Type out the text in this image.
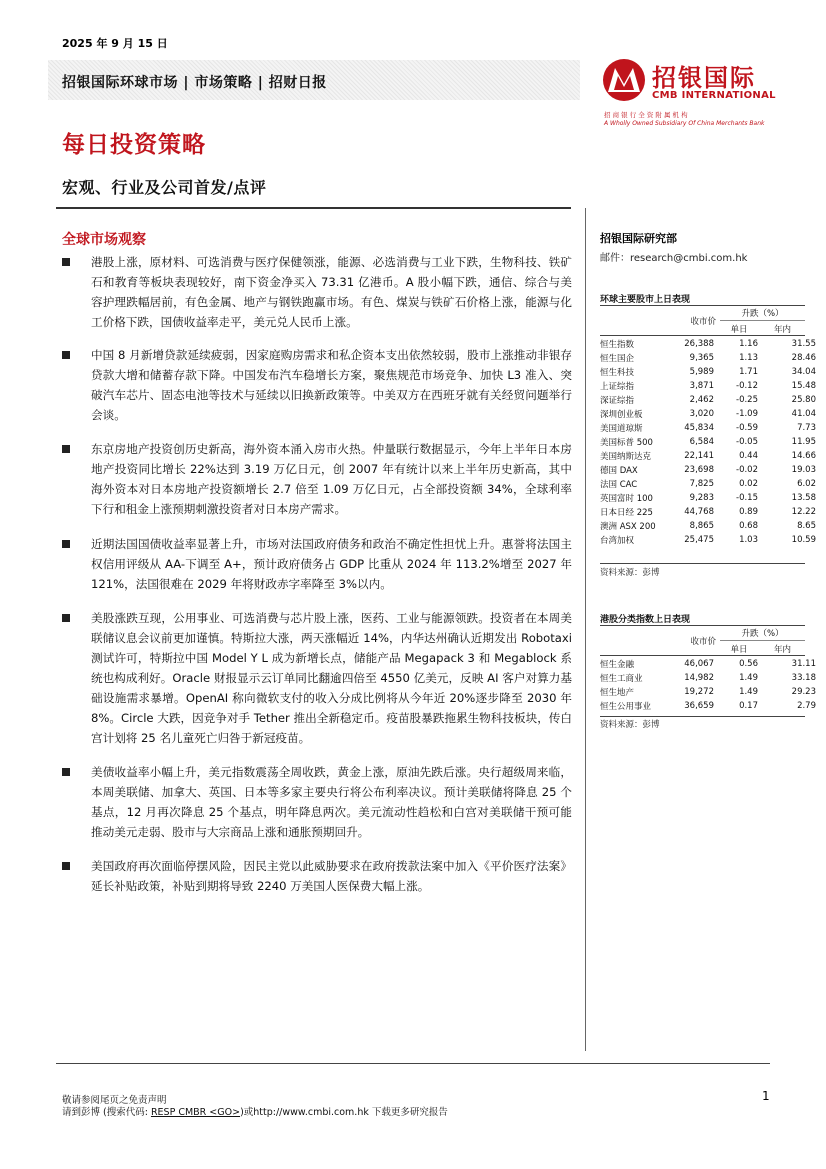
2025 年 9 月 15 日
招银国际环球市场 | 市场策略 | 招财日报	招银国际
CMB INTERNATIONAL
招 商 银 行 全 资 附 属 机 构
A Wholly Owned Subsidiary Of China Merchants Bank
每日投资策略
宏观、行业及公司首发/点评
全球市场观察
港股上涨，原材料、可选消费与医疗保健领涨，能源、必选消费与工业下跌，生物科技、铁矿石和教育等板块表现较好，南下资金净买入 73.31 亿港币。A 股小幅下跌，通信、综合与美容护理跌幅居前，有色金属、地产与钢铁跑赢市场。有色、煤炭与铁矿石价格上涨，能源与化工价格下跌，国债收益率走平，美元兑人民币上涨。
中国 8 月新增贷款延续疲弱，因家庭购房需求和私企资本支出依然较弱，股市上涨推动非银存贷款大增和储蓄存款下降。中国发布汽车稳增长方案，聚焦规范市场竞争、加快 L3 准入、突破汽车芯片、固态电池等技术与延续以旧换新政策等。中美双方在西班牙就有关经贸问题举行会谈。
东京房地产投资创历史新高，海外资本涌入房市火热。仲量联行数据显示，今年上半年日本房地产投资同比增长 22%达到 3.19 万亿日元，创 2007 年有统计以来上半年历史新高，其中海外资本对日本房地产投资额增长 2.7 倍至 1.09 万亿日元，占全部投资额 34%，全球利率下行和租金上涨预期刺激投资者对日本房产需求。
近期法国国债收益率显著上升，市场对法国政府债务和政治不确定性担忧上升。惠誉将法国主权信用评级从 AA-下调至 A+，预计政府债务占 GDP 比重从 2024 年 113.2%增至 2027 年 121%，法国很难在 2029 年将财政赤字率降至 3%以内。
美股涨跌互现，公用事业、可选消费与芯片股上涨，医药、工业与能源领跌。投资者在本周美联储议息会议前更加谨慎。特斯拉大涨，两天涨幅近 14%，内华达州确认近期发出 Robotaxi 测试许可，特斯拉中国 Model Y L 成为新增长点，储能产品 Megapack 3 和 Megablock 系统也构成利好。Oracle 财报显示云订单同比翻逾四倍至 4550 亿美元，反映 AI 客户对算力基础设施需求暴增。OpenAI 称向微软支付的收入分成比例将从今年近 20%逐步降至 2030 年 8%。Circle 大跌，因竞争对手 Tether 推出全新稳定币。疫苗股暴跌拖累生物科技板块，传白宫计划将 25 名儿童死亡归咎于新冠疫苗。
美债收益率小幅上升，美元指数震荡全周收跌，黄金上涨，原油先跌后涨。央行超级周来临，本周美联储、加拿大、英国、日本等多家主要央行将公布利率决议。预计美联储将降息 25 个基点，12 月再次降息 25 个基点，明年降息两次。美元流动性趋松和白宫对美联储干预可能推动美元走弱、股市与大宗商品上涨和通胀预期回升。
美国政府再次面临停摆风险，因民主党以此威胁要求在政府拨款法案中加入《平价医疗法案》延长补贴政策，补贴到期将导致 2240 万美国人医保费大幅上涨。
招银国际研究部
邮件：research@cmbi.com.hk
环球主要股市上日表现
收市价
升跌（%）
单日	年内
恒生指数	26,388	1.16	31.55
恒生国企	9,365	1.13	28.46
恒生科技	5,989	1.71	34.04
上证综指	3,871	-0.12	15.48
深证综指	2,462	-0.25	25.80
深圳创业板	3,020	-1.09	41.04
美国道琼斯	45,834	-0.59	7.73
美国标普 500	6,584	-0.05	11.95
美国纳斯达克	22,141	0.44	14.66
德国 DAX	23,698	-0.02	19.03
法国 CAC	7,825	0.02	6.02
英国富时 100	9,283	-0.15	13.58
日本日经 225	44,768	0.89	12.22
澳洲 ASX 200	8,865	0.68	8.65
台湾加权	25,475	1.03	10.59
资料来源：彭博
港股分类指数上日表现
收市价
升跌（%）
单日	年内
恒生金融	46,067	0.56	31.11
恒生工商业	14,982	1.49	33.18
恒生地产	19,272	1.49	29.23
恒生公用事业	36,659	0.17	2.79
资料来源：彭博
敬请参阅尾页之免责声明
请到彭博 (搜索代码: RESP CMBR <GO>)或http://www.cmbi.com.hk 下载更多研究报告
1
